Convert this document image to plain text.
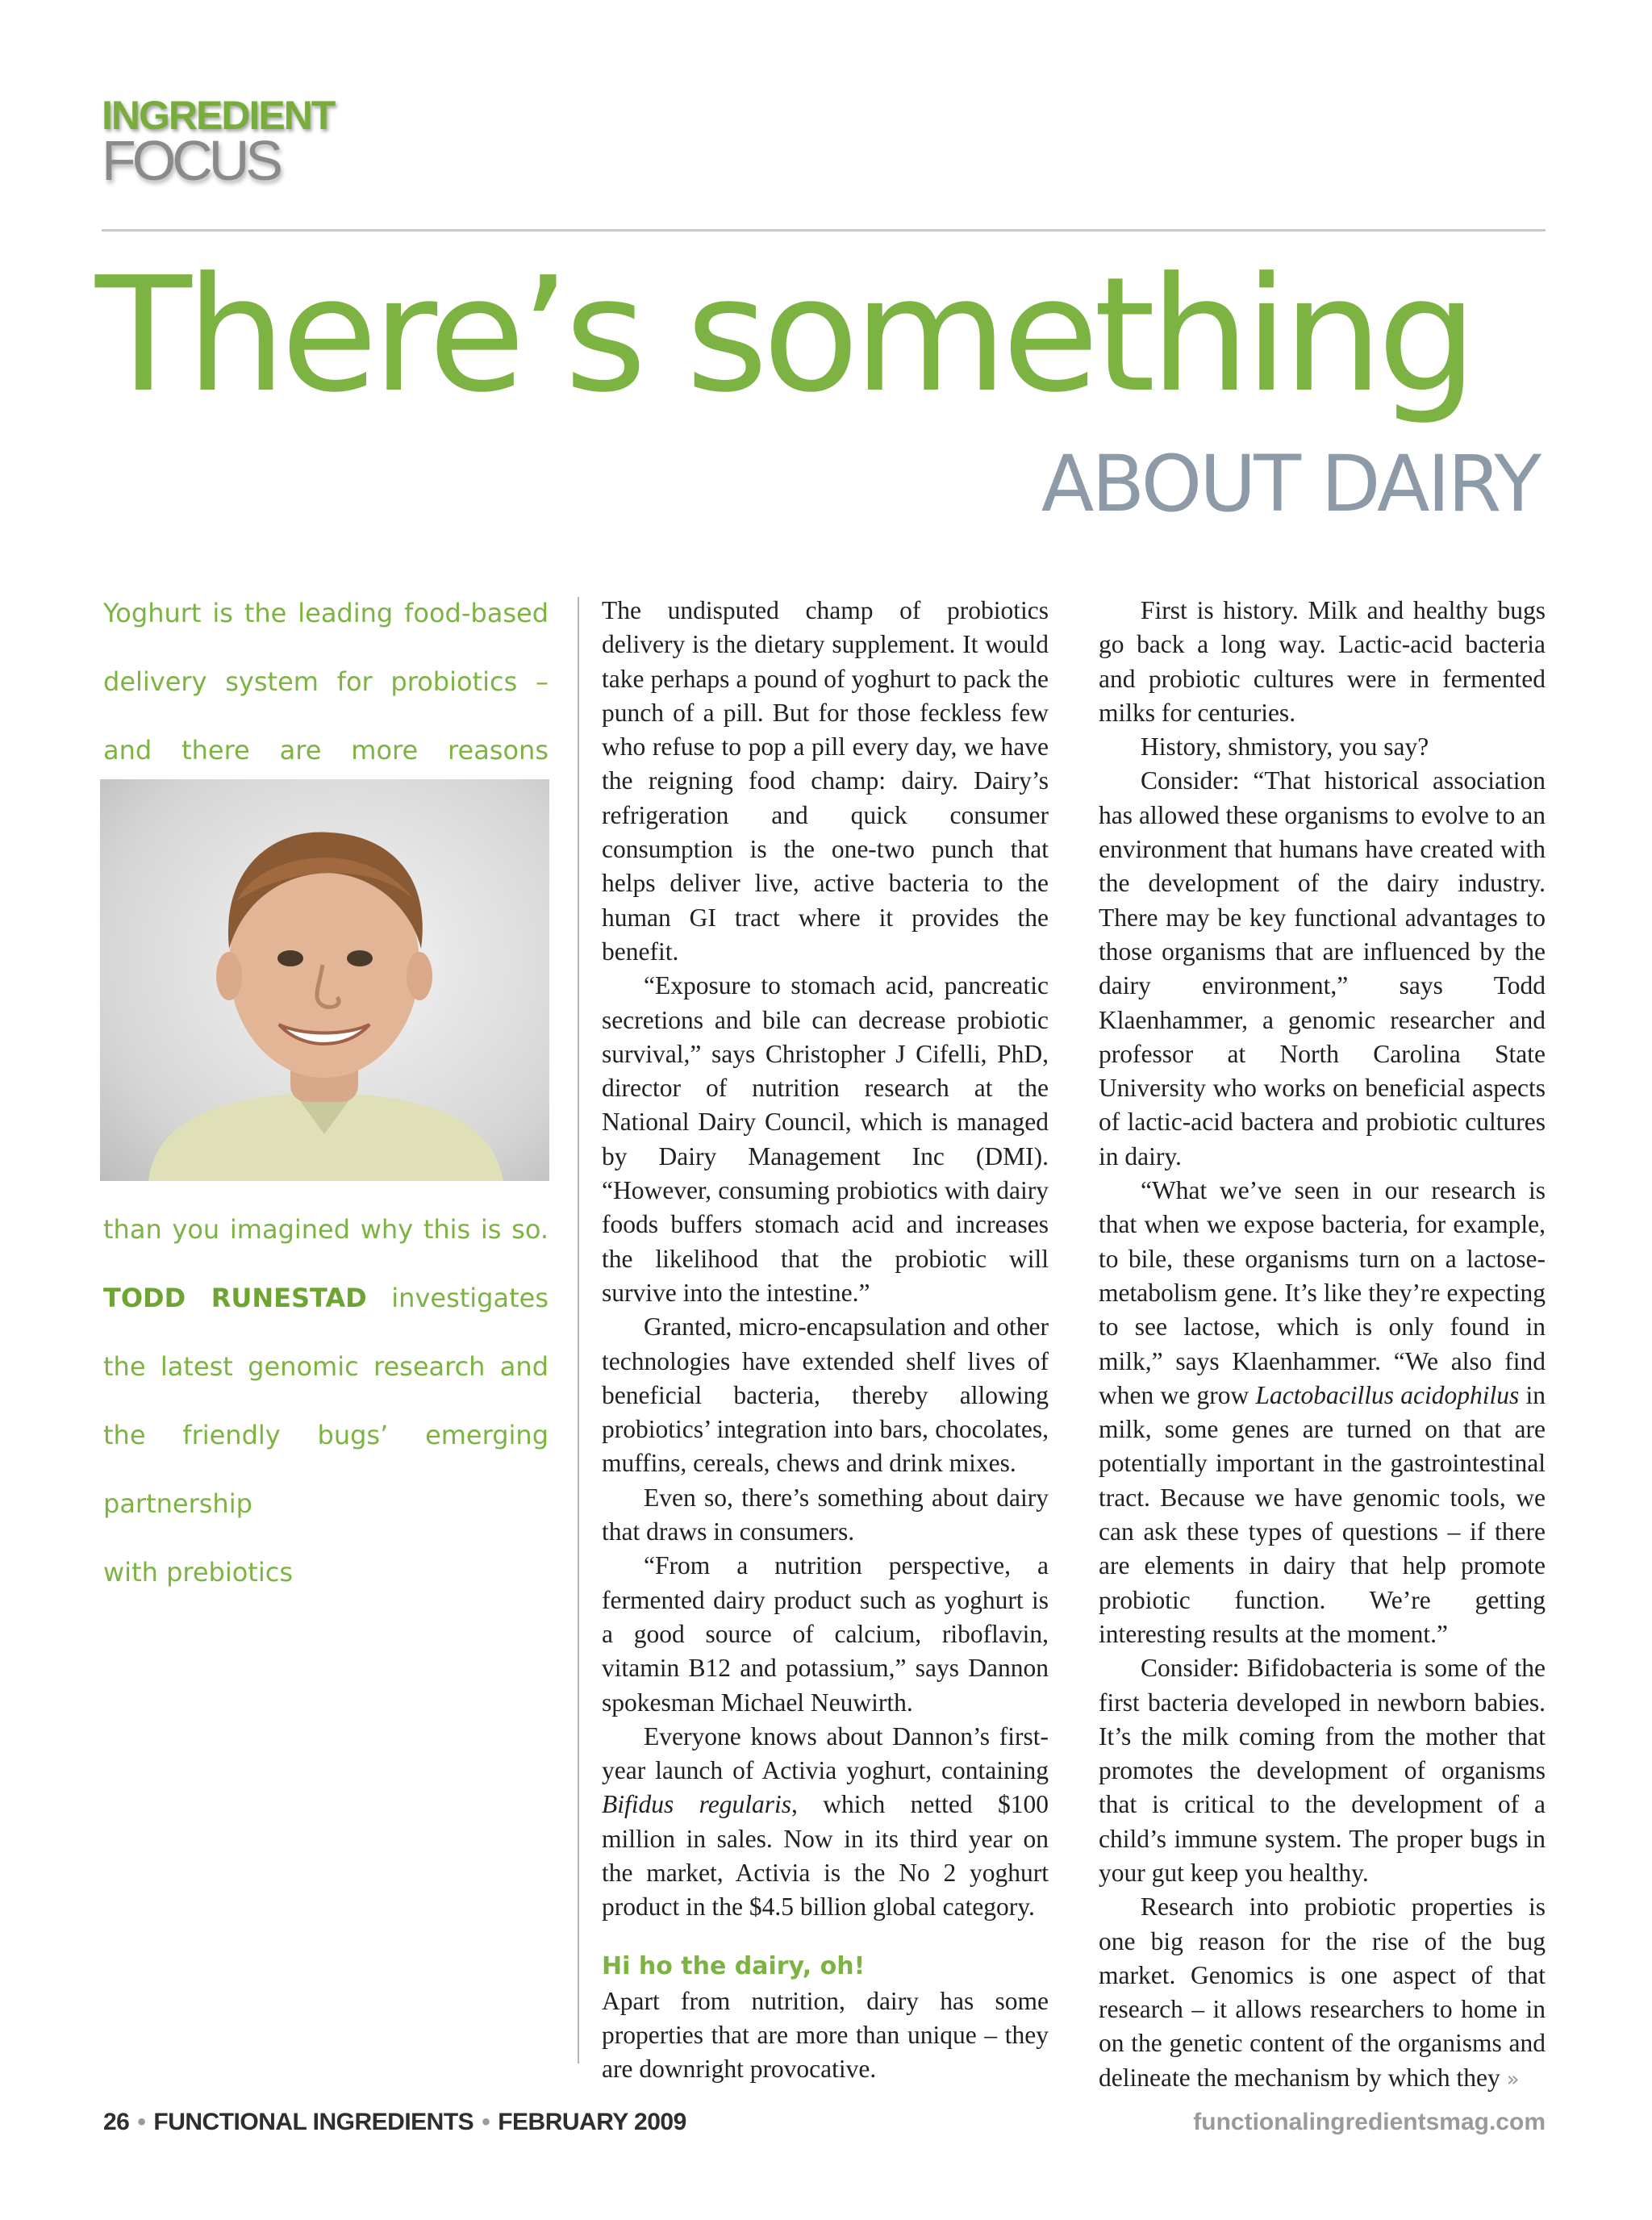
INGREDIENT
FOCUS
There’s something
ABOUT DAIRY
Yoghurt is the leading food-based delivery system for probiotics – and there are more reasons
than you imagined why this is so.
TODD RUNESTAD investigates the latest genomic research and the friendly bugs’ emerging partnership
with prebiotics

The undisputed champ of probiotics delivery is the dietary supplement. It would take perhaps a pound of yoghurt to pack the punch of a pill. But for those feckless few who refuse to pop a pill every day, we have the reigning food champ: dairy. Dairy’s refrigeration and quick consumer consumption is the one-two punch that helps deliver live, active bacteria to the human GI tract where it provides the benefit.

“Exposure to stomach acid, pancreatic secretions and bile can decrease probiotic survival,” says Christopher J Cifelli, PhD, director of nutrition research at the National Dairy Council, which is managed by Dairy Management Inc (DMI). “However, consuming probiotics with dairy foods buffers stomach acid and increases the likelihood that the probiotic will survive into the intestine.”

Granted, micro-encapsulation and other technologies have extended shelf lives of beneficial bacteria, thereby allowing probiotics’ integration into bars, chocolates, muffins, cereals, chews and drink mixes.

Even so, there’s something about dairy that draws in consumers.

“From a nutrition perspective, a fermented dairy product such as yoghurt is a good source of calcium, riboflavin, vitamin B12 and potassium,” says Dannon spokesman Michael Neuwirth.

Everyone knows about Dannon’s first-year launch of Activia yoghurt, containing Bifidus regularis, which netted $100 million in sales. Now in its third year on the market, Activia is the No 2 yoghurt product in the $4.5 billion global category.

Hi ho the dairy, oh!

Apart from nutrition, dairy has some properties that are more than unique – they are downright provocative.

First is history. Milk and healthy bugs go back a long way. Lactic-acid bacteria and probiotic cultures were in fermented milks for centuries.

History, shmistory, you say?

Consider: “That historical association has allowed these organisms to evolve to an environment that humans have created with the development of the dairy industry. There may be key functional advantages to those organisms that are influenced by the dairy environment,” says Todd Klaenhammer, a genomic researcher and professor at North Carolina State University who works on beneficial aspects of lactic-acid bactera and probiotic cultures in dairy.

“What we’ve seen in our research is that when we expose bacteria, for example, to bile, these organisms turn on a lactose-metabolism gene. It’s like they’re expecting to see lactose, which is only found in milk,” says Klaenhammer. “We also find when we grow Lactobacillus acidophilus in milk, some genes are turned on that are potentially important in the gastrointestinal tract. Because we have genomic tools, we can ask these types of questions – if there are elements in dairy that help promote probiotic function. We’re getting interesting results at the moment.”

Consider: Bifidobacteria is some of the first bacteria developed in newborn babies. It’s the milk coming from the mother that promotes the development of organisms that is critical to the development of a child’s immune system. The proper bugs in your gut keep you healthy.

Research into probiotic properties is one big reason for the rise of the bug market. Genomics is one aspect of that research – it allows researchers to home in on the genetic content of the organisms and delineate the mechanism by which they »

26 • FUNCTIONAL INGREDIENTS • FEBRUARY 2009	functionalingredientsmag.com
